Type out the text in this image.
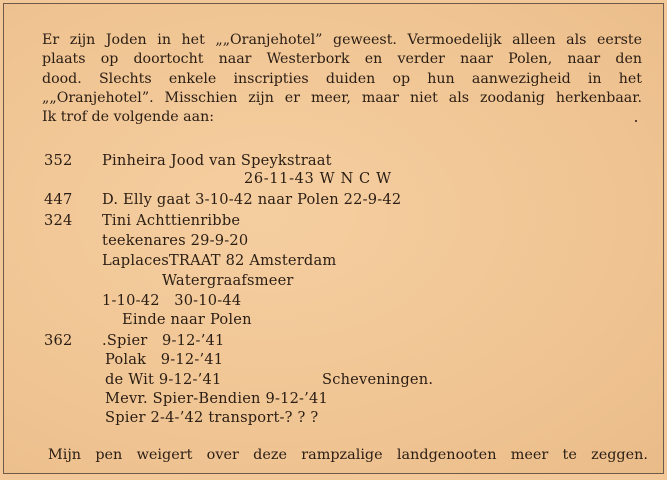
Er zijn Joden in het „„Oranjehotel” geweest. Vermoedelijk alleen als eerste
plaats op doortocht naar Westerbork en verder naar Polen, naar den
dood. Slechts enkele inscripties duiden op hun aanwezigheid in het
„„Oranjehotel”. Misschien zijn er meer, maar niet als zoodanig herkenbaar.
Ik trof de volgende aan:
352 Pinheira Jood van Speykstraat
26-11-43 W N C W
447 D. Elly gaat 3-10-42 naar Polen 22-9-42
324 Tini Achttienribbe
teekenares 29-9-20
LaplacesTRAAT 82 Amsterdam
Watergraafsmeer
1-10-42   30-10-44
Einde naar Polen
362 .Spier   9-12-’41
Polak   9-12-’41
de Wit 9-12-’41	Scheveningen.
Mevr. Spier-Bendien 9-12-’41
Spier 2-4-’42 transport-? ? ?
Mijn pen weigert over deze rampzalige landgenooten meer te zeggen.
